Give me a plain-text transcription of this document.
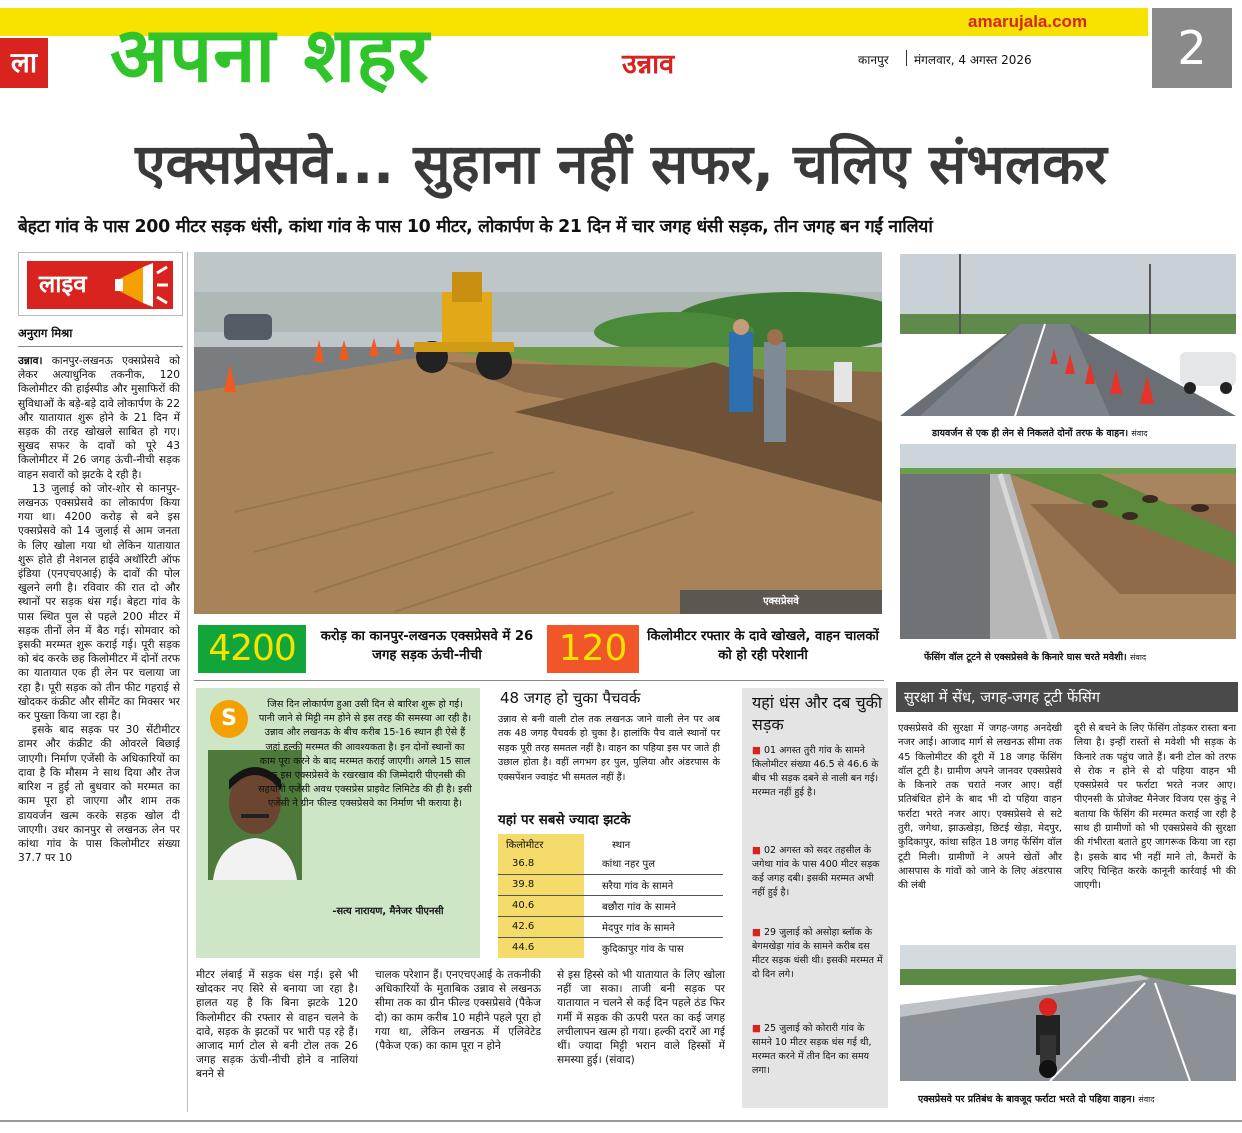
ला अपना शहर	उन्नाव
amarujala.com
कानपुर मंगलवार, 4 अगस्त 2026	2
एक्सप्रेसवे... सुहाना नहीं सफर, चलिए संभलकर
बेहटा गांव के पास 200 मीटर सड़क धंसी, कांथा गांव के पास 10 मीटर, लोकार्पण के 21 दिन में चार जगह धंसी सड़क, तीन जगह बन गईं नालियां
लाइव
अनुराग मिश्रा

उन्नाव। कानपुर-लखनऊ एक्सप्रेसवे को लेकर अत्याधुनिक तकनीक, 120 किलोमीटर की हाईस्पीड और मुसाफिरों की सुविधाओं के बड़े-बड़े दावे लोकार्पण के 22 और यातायात शुरू होने के 21 दिन में सड़क की तरह खोखले साबित हो गए। सुखद सफर के दावों को पूरे 43 किलोमीटर में 26 जगह ऊंची-नीची सड़क वाहन सवारों को झटके दे रही है।

13 जुलाई को जोर-शोर से कानपुर-लखनऊ एक्सप्रेसवे का लोकार्पण किया गया था। 4200 करोड़ से बने इस एक्सप्रेसवे को 14 जुलाई से आम जनता के लिए खोला गया थो लेकिन यातायात शुरू होते ही नेशनल हाईवे अथॉरिटी ऑफ इंडिया (एनएचएआई) के दावों की पोल खुलने लगी है। रविवार की रात दो और स्थानों पर सड़क धंस गई। बेहटा गांव के पास स्थित पुल से पहले 200 मीटर में सड़क तीनों लेन में बैठ गई। सोमवार को इसकी मरम्मत शुरू कराई गई। पूरी सड़क को बंद करके छह किलोमीटर में दोनों तरफ का यातायात एक ही लेन पर चलाया जा रहा है। पूरी सड़क को तीन फीट गहराई से खोदकर कंक्रीट और सीमेंट का मिक्सर भर कर पुख्ता किया जा रहा है।

इसके बाद सड़क पर 30 सेंटीमीटर डामर और कंक्रीट की ओवरले बिछाई जाएगी। निर्माण एजेंसी के अधिकारियों का दावा है कि मौसम ने साथ दिया और तेज बारिश न हुई तो बुधवार को मरम्मत का काम पूरा हो जाएगा और शाम तक डायवर्जन खत्म करके सड़क खोल दी जाएगी। उधर कानपुर से लखनऊ लेन पर कांथा गांव के पास किलोमीटर संख्या 37.7 पर 10

एक्सप्रेसवे
4200	करोड़ का कानपुर-लखनऊ एक्सप्रेसवे में 26 जगह सड़क ऊंची-नीची	120	किलोमीटर रफ्तार के दावे खोखले, वाहन चालकों को हो रही परेशानी
S
जिस दिन लोकार्पण हुआ उसी दिन से बारिश शुरू हो गई। पानी जाने से मिट्टी नम होने से इस तरह की समस्या आ रही है। उन्नाव और लखनऊ के बीच करीब 15-16 स्थान ही ऐसे हैं जहां हल्की मरम्मत की आवश्यकता है। इन दोनों स्थानों का काम पूरा करने के बाद मरम्मत कराई जाएगी। अगले 15 साल तक इस एक्सप्रेसवे के रखरखाव की जिम्मेदारी पीएनसी की सहयोगी एजेंसी अवध एक्सप्रेस प्राइवेट लिमिटेड की ही है। इसी एजेंसी ने ग्रीन फील्ड एक्सप्रेसवे का निर्माण भी कराया है।
-सत्य नारायण, मैनेजर पीएनसी
48 जगह हो चुका पैचवर्क
उन्नाव से बनी वाली टोल तक लखनऊ जाने वाली लेन पर अब तक 48 जगह पैचवर्क हो चुका है। हालांकि पैच वाले स्थानों पर सड़क पूरी तरह समतल नहीं है। वाहन का पहिया इस पर जाते ही उछाल होता है। वहीं लगभग हर पुल, पुलिया और अंडरपास के एक्सपेंशन ज्वाइंट भी समतल नहीं हैं।
यहां पर सबसे ज्यादा झटके
किलोमीटर	स्थान
36.8	कांथा नहर पुल
39.8	सरैया गांव के सामने
40.6	बछौरा गांव के सामने
42.6	मेदपुर गांव के सामने
44.6	कुदिकापुर गांव के पास
मीटर लंबाई में सड़क धंस गई। इसे भी खोदकर नए सिरे से बनाया जा रहा है। हालत यह है कि बिना झटके 120 किलोमीटर की रफ्तार से वाहन चलने के दावे, सड़क के झटकों पर भारी पड़ रहे हैं। आजाद मार्ग टोल से बनी टोल तक 26 जगह सड़क ऊंची-नीची होने व नालियां बनने से
चालक परेशान हैं। एनएचएआई के तकनीकी अधिकारियों के मुताबिक उन्नाव से लखनऊ सीमा तक का ग्रीन फील्ड एक्सप्रेसवे (पैकेज दो) का काम करीब 10 महीने पहले पूरा हो गया था, लेकिन लखनऊ में एलिवेटेड (पैकेज एक) का काम पूरा न होने
से इस हिस्से को भी यातायात के लिए खोला नहीं जा सका। ताजी बनी सड़क पर यातायात न चलने से कई दिन पहले ठंड फिर गर्मी में सड़क की ऊपरी परत का कई जगह लचीलापन खत्म हो गया। हल्की दरारें आ गई थीं। ज्यादा मिट्टी भरान वाले हिस्सों में समस्या हुई। (संवाद)
यहां धंस और दब चुकी सड़क
■ 01 अगस्त तुरी गांव के सामने किलोमीटर संख्या 46.5 से 46.6 के बीच भी सड़क दबने से नाली बन गई। मरम्मत नहीं हुई है।
■ 02 अगस्त को सदर तहसील के जगेथा गांव के पास 400 मीटर सड़क कई जगह दबी। इसकी मरम्मत अभी नहीं हुई है।
■ 29 जुलाई को असोहा ब्लॉक के बेगमखेड़ा गांव के सामने करीब दस मीटर सड़क धंसी थी। इसकी मरम्मत में दो दिन लगे।
■ 25 जुलाई को कोरारी गांव के सामने 10 मीटर सड़क धंस गई थी, मरम्मत करने में तीन दिन का समय लगा।
डायवर्जन से एक ही लेन से निकलते दोनों तरफ के वाहन। संवाद
फेंसिंग वॉल टूटने से एक्सप्रेसवे के किनारे घास चरते मवेशी। संवाद
सुरक्षा में सेंध, जगह-जगह टूटी फेंसिंग
एक्सप्रेसवे की सुरक्षा में जगह-जगह अनदेखी नजर आई। आजाद मार्ग से लखनऊ सीमा तक 45 किलोमीटर की दूरी में 18 जगह फेंसिंग वॉल टूटी है। ग्रामीण अपने जानवर एक्सप्रेसवे के किनारे तक चराते नजर आए। वहीं प्रतिबंधित होने के बाद भी दो पहिया वाहन फर्राटा भरते नजर आए। एक्सप्रेसवे से सटे तुरी, जगेथा, झाऊखेड़ा, छिटई खेड़ा, मेदपुर, कुदिकापुर, कांथा सहित 18 जगह फेंसिंग वॉल टूटी मिली। ग्रामीणों ने अपने खेतों और आसपास के गांवों को जाने के लिए अंडरपास की लंबी
दूरी से बचने के लिए फेंसिंग तोड़कर रास्ता बना लिया है। इन्हीं रास्तों से मवेशी भी सड़क के किनारे तक पहुंच जाते हैं। बनी टोल को तरफ से रोक न होने से दो पहिया वाहन भी एक्सप्रेसवे पर फर्राटा भरते नजर आए। पीएनसी के प्रोजेक्ट मैनेजर विजय एस कुंडू ने बताया कि फेंसिंग की मरम्मत कराई जा रही है साथ ही ग्रामीणों को भी एक्सप्रेसवे की सुरक्षा की गंभीरता बताते हुए जागरूक किया जा रहा है। इसके बाद भी नहीं माने तो, कैमरों के जरिए चिन्हित करके कानूनी कार्रवाई भी की जाएगी।
एक्सप्रेसवे पर प्रतिबंध के बावजूद फर्राटा भरते दो पहिया वाहन। संवाद
